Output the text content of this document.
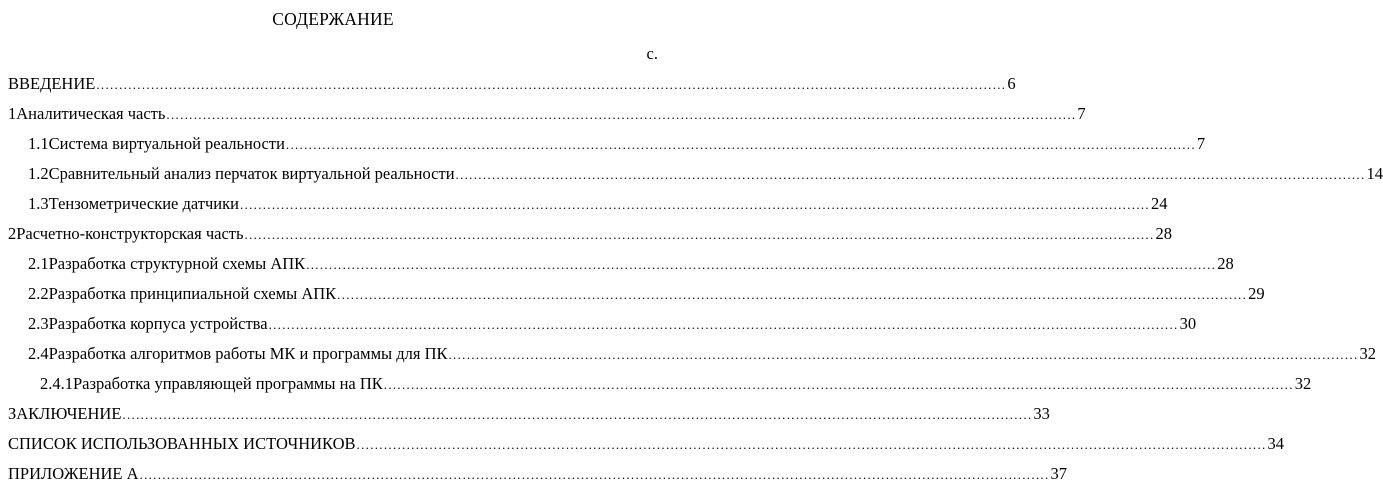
СОДЕРЖАНИЕ
с.
ВВЕДЕНИЕ ........................................................................................................................................................................................................ 6
1 Аналитическая часть ........................................................................................................................................................................................................ 7
1.1 Система виртуальной реальности ........................................................................................................................................................................................................ 7
1.2 Сравнительный анализ перчаток виртуальной реальности ........................................................................................................................................................................................................ 14
1.3 Тензометрические датчики ........................................................................................................................................................................................................ 24
2 Расчетно-конструкторская часть ........................................................................................................................................................................................................ 28
2.1 Разработка структурной схемы АПК ........................................................................................................................................................................................................ 28
2.2 Разработка принципиальной схемы АПК ........................................................................................................................................................................................................ 29
2.3 Разработка корпуса устройства ........................................................................................................................................................................................................ 30
2.4 Разработка алгоритмов работы МК и программы для ПК ........................................................................................................................................................................................................ 32
2.4.1 Разработка управляющей программы на ПК ........................................................................................................................................................................................................ 32
ЗАКЛЮЧЕНИЕ ........................................................................................................................................................................................................ 33
СПИСОК ИСПОЛЬЗОВАННЫХ ИСТОЧНИКОВ ........................................................................................................................................................................................................ 34
ПРИЛОЖЕНИЕ А ........................................................................................................................................................................................................ 37
